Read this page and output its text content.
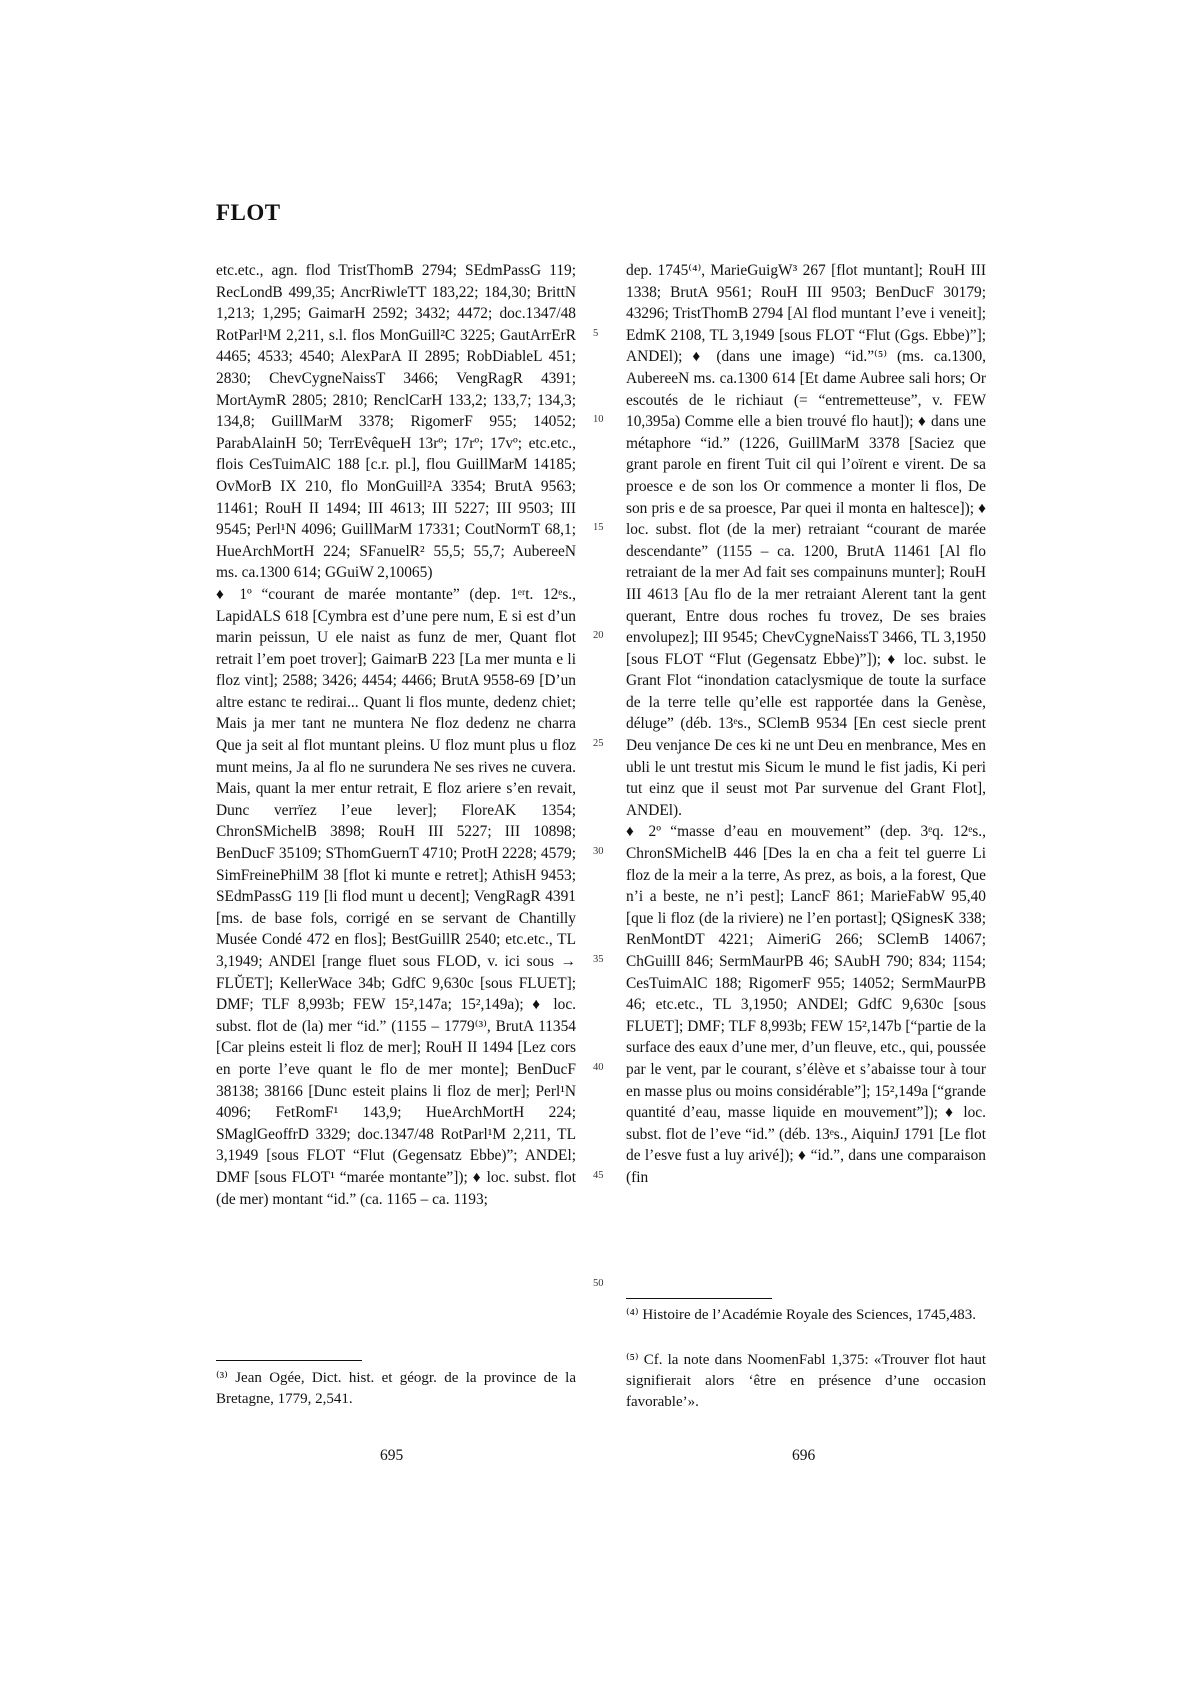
FLOT

etc.etc., agn. flod TristThomB 2794; SEdmPassG 119; RecLondB 499,35; AncrRiwleTT 183,22; 184,30; BrittN 1,213; 1,295; GaimarH 2592; 3432; 4472; doc.1347/48 RotParl¹M 2,211, s.l. flos MonGuill²C 3225; GautArrErR 4465; 4533; 4540; AlexParA II 2895; RobDiableL 451; 2830; ChevCygneNaissT 3466; VengRagR 4391; MortAymR 2805; 2810; RenclCarH 133,2; 133,7; 134,3; 134,8; GuillMarM 3378; RigomerF 955; 14052; ParabAlainH 50; TerrEvêqueH 13rº; 17rº; 17vº; etc.etc., flois CesTuimAlC 188 [c.r. pl.], flou GuillMarM 14185; OvMorB IX 210, flo MonGuill²A 3354; BrutA 9563; 11461; RouH II 1494; III 4613; III 5227; III 9503; III 9545; Perl¹N 4096; GuillMarM 17331; CoutNormT 68,1; HueArchMortH 224; SFanuelR² 55,5; 55,7; AubereeN ms. ca.1300 614; GGuiW 2,10065)

♦ 1º “courant de marée montante” (dep. 1ᵉʳt. 12ᵉs., LapidALS 618 [Cymbra est d’une pere num, E si est d’un marin peissun, U ele naist as funz de mer, Quant flot retrait l’em poet trover]; GaimarB 223 [La mer munta e li floz vint]; 2588; 3426; 4454; 4466; BrutA 9558-69 [D’un altre estanc te redirai... Quant li flos munte, dedenz chiet; Mais ja mer tant ne muntera Ne floz dedenz ne charra Que ja seit al flot muntant pleins. U floz munt plus u floz munt meins, Ja al flo ne surundera Ne ses rives ne cuvera. Mais, quant la mer entur retrait, E floz ariere s’en revait, Dunc verrïez l’eue lever]; FloreAK 1354; ChronSMichelB 3898; RouH III 5227; III 10898; BenDucF 35109; SThomGuernT 4710; ProtH 2228; 4579; SimFreinePhilM 38 [flot ki munte e retret]; AthisH 9453; SEdmPassG 119 [li flod munt u decent]; VengRagR 4391 [ms. de base fols, corrigé en se servant de Chantilly Musée Condé 472 en flos]; BestGuillR 2540; etc.etc., TL 3,1949; ANDEl [range fluet sous FLOD, v. ici sous → FLŬET]; KellerWace 34b; GdfC 9,630c [sous FLUET]; DMF; TLF 8,993b; FEW 15²,147a; 15²,149a); ♦ loc. subst. flot de (la) mer “id.” (1155 – 1779⁽³⁾, BrutA 11354 [Car pleins esteit li floz de mer]; RouH II 1494 [Lez cors en porte l’eve quant le flo de mer monte]; BenDucF 38138; 38166 [Dunc esteit plains li floz de mer]; Perl¹N 4096; FetRomF¹ 143,9; HueArchMortH 224; SMaglGeoffrD 3329; doc.1347/48 RotParl¹M 2,211, TL 3,1949 [sous FLOT “Flut (Gegensatz Ebbe)”; ANDEl; DMF [sous FLOT¹ “marée montante”]); ♦ loc. subst. flot (de mer) montant “id.” (ca. 1165 – ca. 1193;

5
10
15
20
25
30
35
40
45
50

dep. 1745⁽⁴⁾, MarieGuigW³ 267 [flot muntant]; RouH III 1338; BrutA 9561; RouH III 9503; BenDucF 30179; 43296; TristThomB 2794 [Al flod muntant l’eve i veneit]; EdmK 2108, TL 3,1949 [sous FLOT “Flut (Ggs. Ebbe)”]; ANDEl); ♦ (dans une image) “id.”⁽⁵⁾ (ms. ca.1300, AubereeN ms. ca.1300 614 [Et dame Aubree sali hors; Or escoutés de le richiaut (= “entremetteuse”, v. FEW 10,395a) Comme elle a bien trouvé flo haut]); ♦ dans une métaphore “id.” (1226, GuillMarM 3378 [Saciez que grant parole en firent Tuit cil qui l’oïrent e virent. De sa proesce e de son los Or commence a monter li flos, De son pris e de sa proesce, Par quei il monta en haltesce]); ♦ loc. subst. flot (de la mer) retraiant “courant de marée descendante” (1155 – ca. 1200, BrutA 11461 [Al flo retraiant de la mer Ad fait ses compainuns munter]; RouH III 4613 [Au flo de la mer retraiant Alerent tant la gent querant, Entre dous roches fu trovez, De ses braies envolupez]; III 9545; ChevCygneNaissT 3466, TL 3,1950 [sous FLOT “Flut (Gegensatz Ebbe)”]); ♦ loc. subst. le Grant Flot “inondation cataclysmique de toute la surface de la terre telle qu’elle est rapportée dans la Genèse, déluge” (déb. 13ᵉs., SClemB 9534 [En cest siecle prent Deu venjance De ces ki ne unt Deu en menbrance, Mes en ubli le unt trestut mis Sicum le mund le fist jadis, Ki peri tut einz que il seust mot Par survenue del Grant Flot], ANDEl).

♦ 2º “masse d’eau en mouvement” (dep. 3ᵉq. 12ᵉs., ChronSMichelB 446 [Des la en cha a feit tel guerre Li floz de la meir a la terre, As prez, as bois, a la forest, Que n’i a beste, ne n’i pest]; LancF 861; MarieFabW 95,40 [que li floz (de la riviere) ne l’en portast]; QSignesK 338; RenMontDT 4221; AimeriG 266; SClemB 14067; ChGuillI 846; SermMaurPB 46; SAubH 790; 834; 1154; CesTuimAlC 188; RigomerF 955; 14052; SermMaurPB 46; etc.etc., TL 3,1950; ANDEl; GdfC 9,630c [sous FLUET]; DMF; TLF 8,993b; FEW 15²,147b [“partie de la surface des eaux d’une mer, d’un fleuve, etc., qui, poussée par le vent, par le courant, s’élève et s’abaisse tour à tour en masse plus ou moins considérable”]; 15²,149a [“grande quantité d’eau, masse liquide en mouvement”]); ♦ loc. subst. flot de l’eve “id.” (déb. 13ᵉs., AiquinJ 1791 [Le flot de l’esve fust a luy arivé]); ♦ “id.”, dans une comparaison (fin

⁽³⁾ Jean Ogée, Dict. hist. et géogr. de la province de la Bretagne, 1779, 2,541.
⁽⁴⁾ Histoire de l’Académie Royale des Sciences, 1745,483.
⁽⁵⁾ Cf. la note dans NoomenFabl 1,375: «Trouver flot haut signifierait alors ‘être en présence d’une occasion favorable’».
695	696
